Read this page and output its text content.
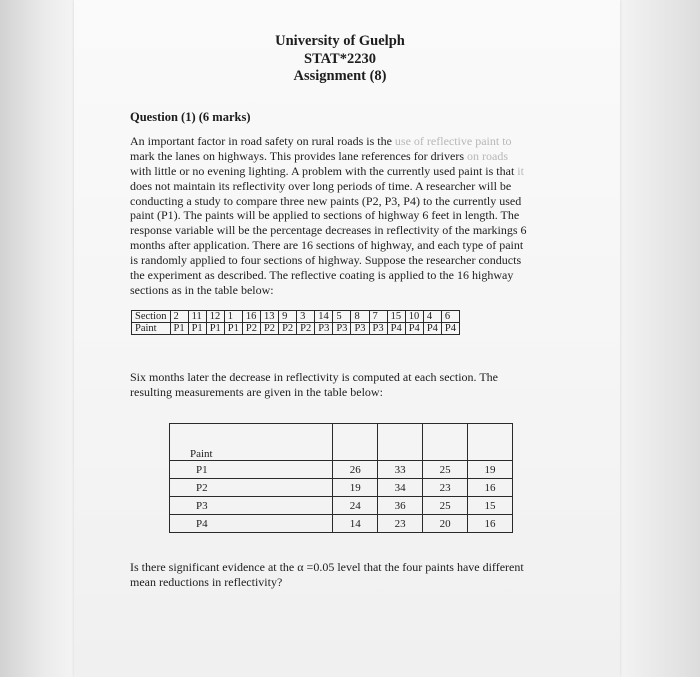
University of Guelph
STAT*2230
Assignment (8)
Question (1) (6 marks)
An important factor in road safety on rural roads is the use of reflective paint to
mark the lanes on highways. This provides lane references for drivers on roads
with little or no evening lighting. A problem with the currently used paint is that it
does not maintain its reflectivity over long periods of time. A researcher will be
conducting a study to compare three new paints (P2, P3, P4) to the currently used
paint (P1). The paints will be applied to sections of highway 6 feet in length. The
response variable will be the percentage decreases in reflectivity of the markings 6
months after application. There are 16 sections of highway, and each type of paint
is randomly applied to four sections of highway. Suppose the researcher conducts
the experiment as described. The reflective coating is applied to the 16 highway
sections as in the table below:
Section	2	11	12	1	16	13	9	3	14	5	8	7	15	10	4	6
Paint	P1	P1	P1	P1	P2	P2	P2	P2	P3	P3	P3	P3	P4	P4	P4	P4
Six months later the decrease in reflectivity is computed at each section. The
resulting measurements are given in the table below:
Paint				
P1	26	33	25	19
P2	19	34	23	16
P3	24	36	25	15
P4	14	23	20	16
Is there significant evidence at the α =0.05 level that the four paints have different
mean reductions in reflectivity?
